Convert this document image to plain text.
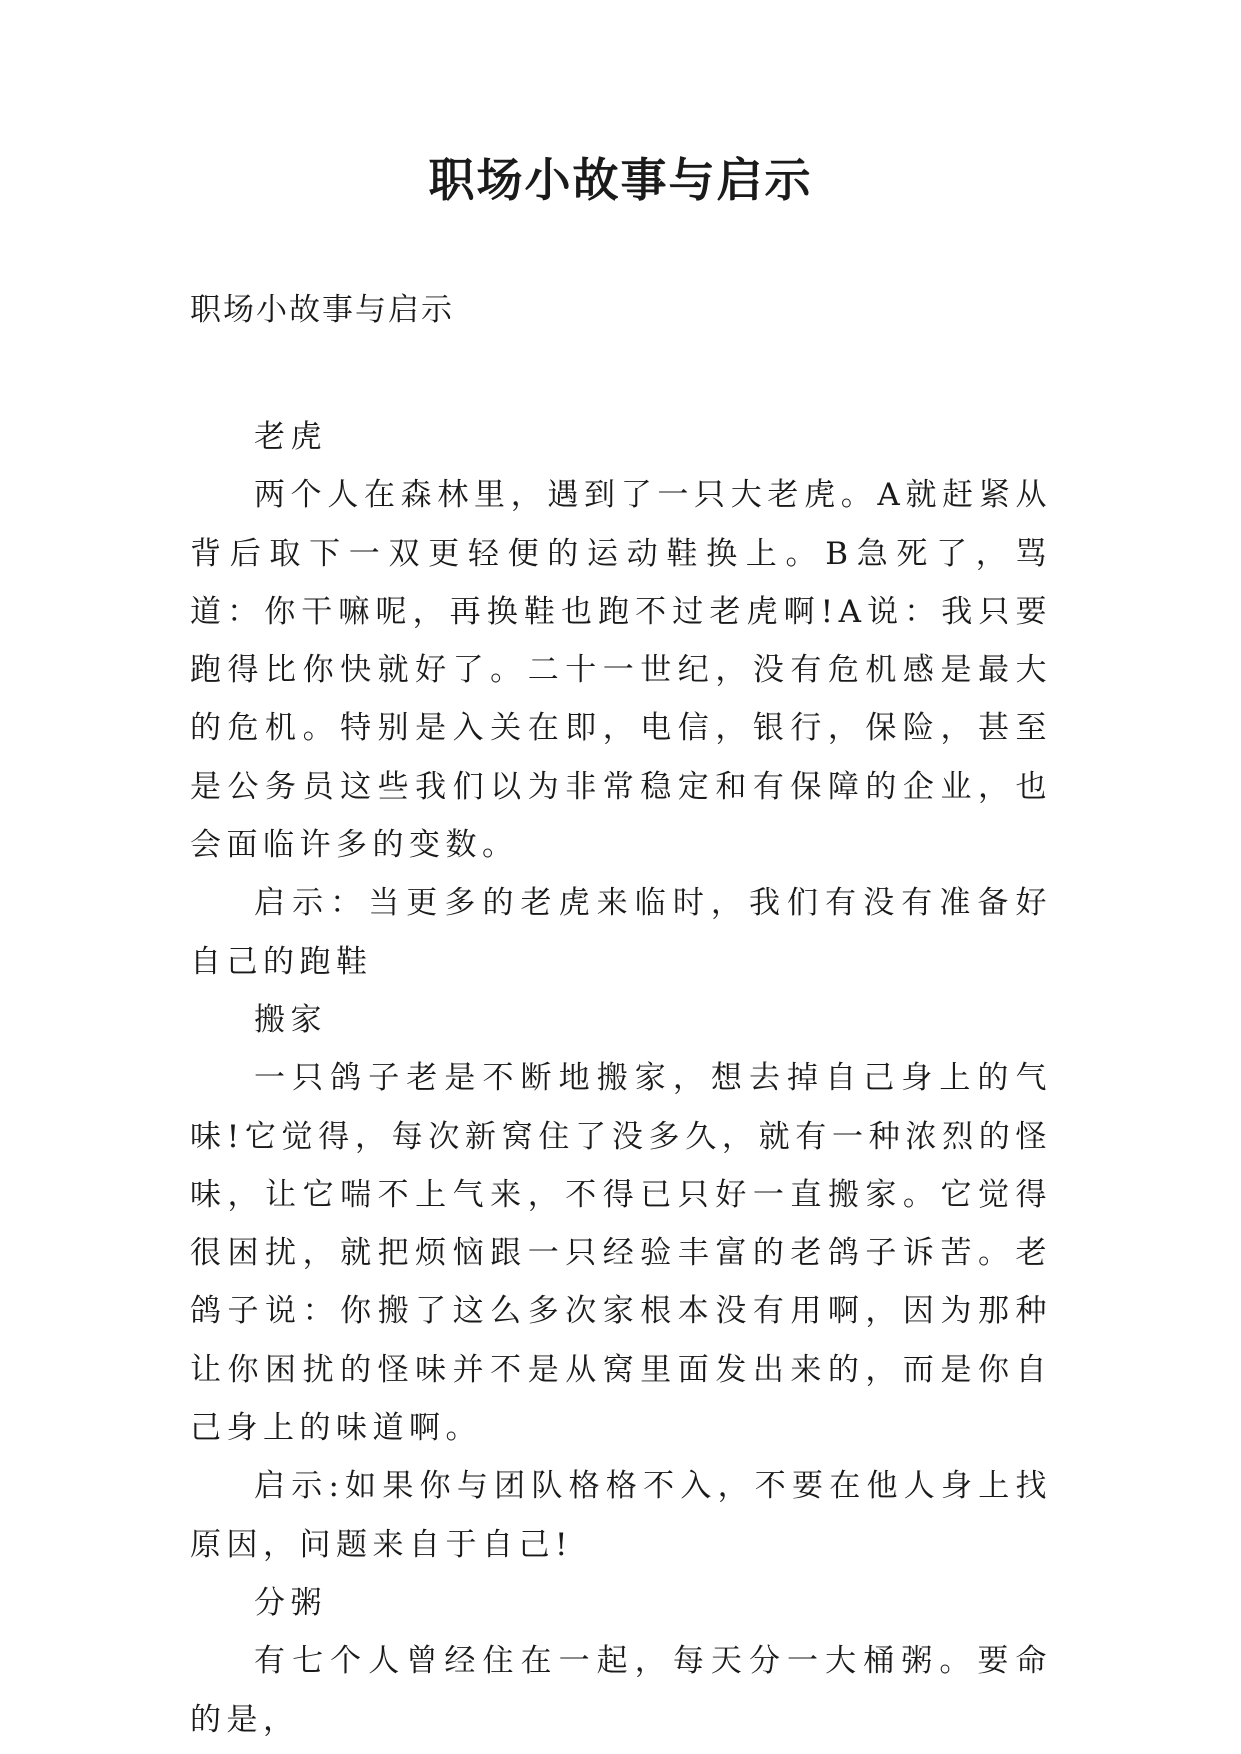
职场小故事与启示
职场小故事与启示

老虎

两个人在森林里，遇到了一只大老虎。A就赶紧从背后取下一双更轻便的运动鞋换上。B急死了，骂道：你干嘛呢，再换鞋也跑不过老虎啊!A说：我只要跑得比你快就好了。二十一世纪，没有危机感是最大的危机。特别是入关在即，电信，银行，保险，甚至是公务员这些我们以为非常稳定和有保障的企业，也会面临许多的变数。

启示：当更多的老虎来临时，我们有没有准备好自己的跑鞋

搬家

一只鸽子老是不断地搬家，想去掉自己身上的气味!它觉得，每次新窝住了没多久，就有一种浓烈的怪味，让它喘不上气来，不得已只好一直搬家。它觉得很困扰，就把烦恼跟一只经验丰富的老鸽子诉苦。老鸽子说：你搬了这么多次家根本没有用啊，因为那种让你困扰的怪味并不是从窝里面发出来的，而是你自己身上的味道啊。

启示:如果你与团队格格不入，不要在他人身上找原因，问题来自于自己!

分粥

有七个人曾经住在一起，每天分一大桶粥。要命的是，
